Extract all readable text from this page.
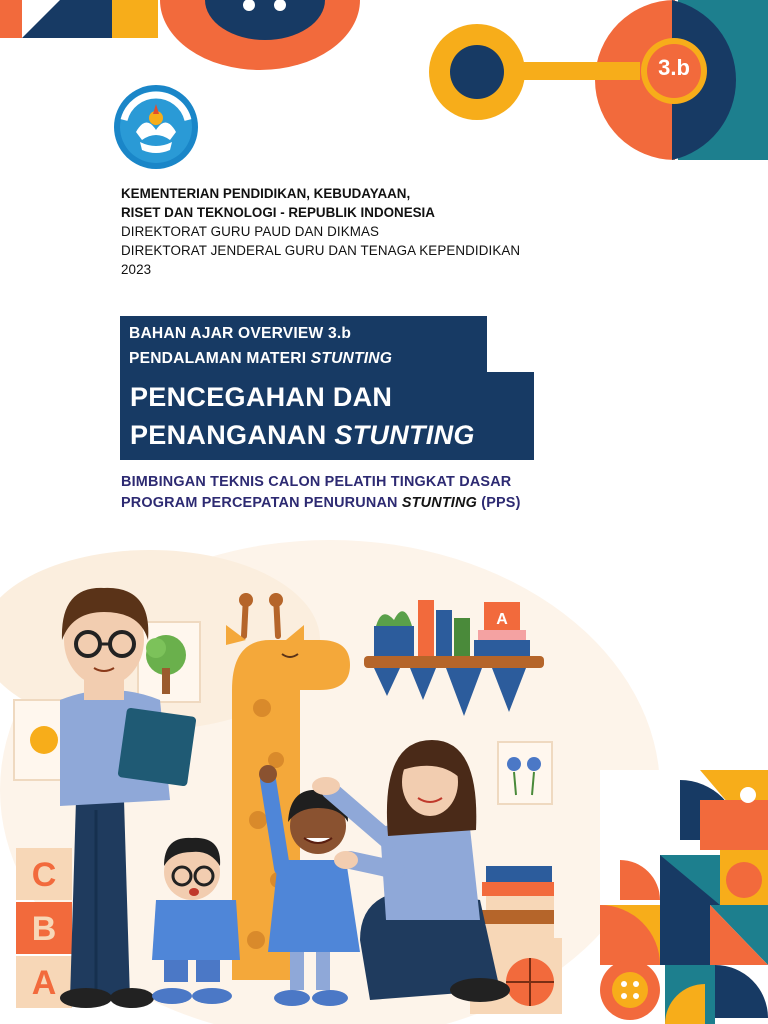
3.b
KEMENTERIAN PENDIDIKAN, KEBUDAYAAN,
RISET DAN TEKNOLOGI - REPUBLIK INDONESIA
DIREKTORAT GURU PAUD DAN DIKMAS
DIREKTORAT JENDERAL GURU DAN TENAGA KEPENDIDIKAN
2023
BAHAN AJAR OVERVIEW 3.b
PENDALAMAN MATERI STUNTING
PENCEGAHAN DAN
PENANGANAN STUNTING
BIMBINGAN TEKNIS CALON PELATIH TINGKAT DASAR
PROGRAM PERCEPATAN PENURUNAN STUNTING (PPS)
A
C
B
A
